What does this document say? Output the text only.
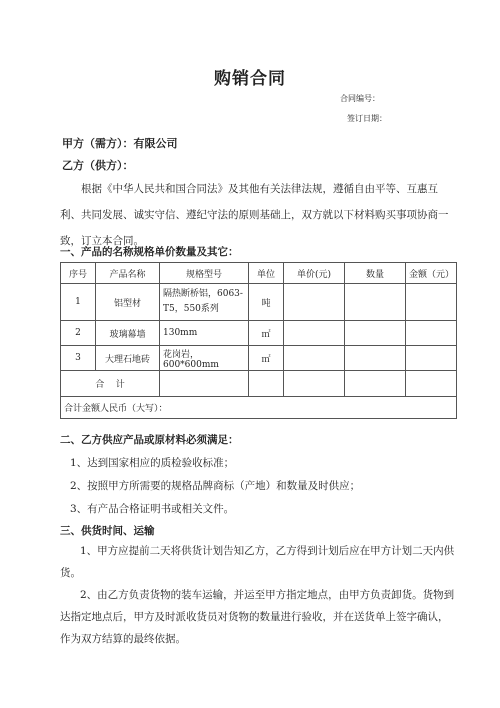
购销合同
合同编号：
签订日期：
甲方（需方）：有限公司
乙方（供方）：

根据《中华人民共和国合同法》及其他有关法律法规，遵循自由平等、互惠互利、共同发展、诚实守信、遵纪守法的原则基础上，双方就以下材料购买事项协商一致，订立本合同。

一、产品的名称规格单价数量及其它：
序号	产品名称	规格型号	单位	单价(元)	数量	金额（元）
1	铝型材	隔热断桥铝，6063-T5，550系列	吨			
2	玻璃幕墙	130mm	㎡			
3	大理石地砖	花岗岩，600*600mm	㎡			
合    计						
合计金额人民币（大写）：						
二、乙方供应产品或原材料必须满足：
1、达到国家相应的质检验收标准；
2、按照甲方所需要的规格品牌商标（产地）和数量及时供应；
3、有产品合格证明书或相关文件。
三、供货时间、运输

1、甲方应提前二天将供货计划告知乙方，乙方得到计划后应在甲方计划二天内供货。

2、由乙方负责货物的装车运输，并运至甲方指定地点，由甲方负责卸货。货物到达指定地点后，甲方及时派收货员对货物的数量进行验收，并在送货单上签字确认，作为双方结算的最终依据。
